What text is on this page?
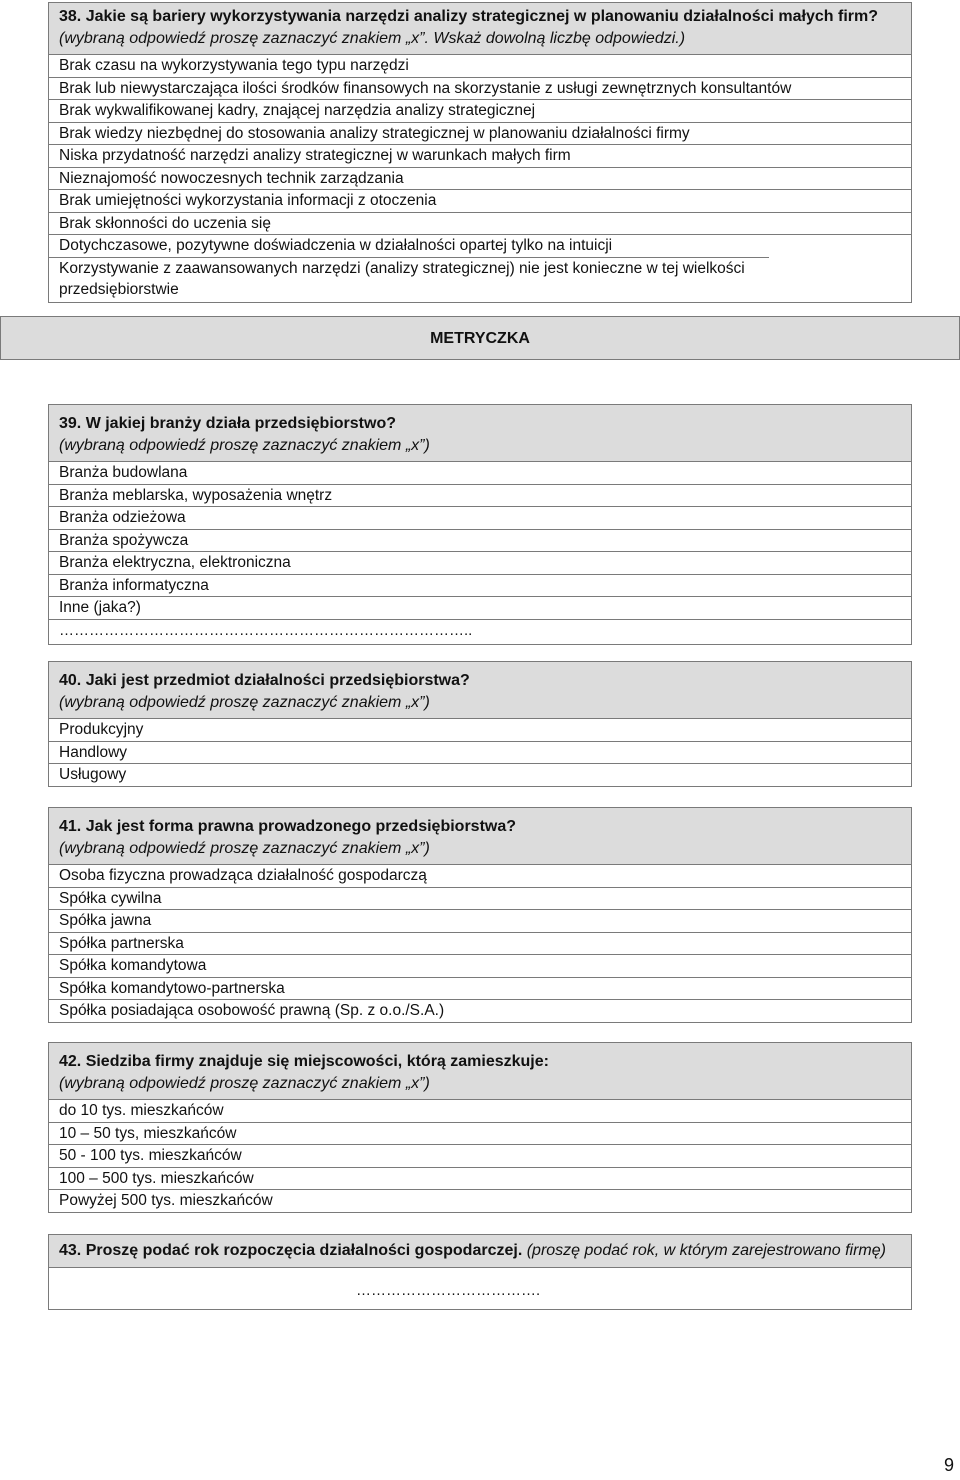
38. Jakie są bariery wykorzystywania narzędzi analizy strategicznej w planowaniu działalności małych firm?
(wybraną odpowiedź proszę zaznaczyć znakiem „x”. Wskaż dowolną liczbę odpowiedzi.)
Brak czasu na wykorzystywania tego typu narzędzi
Brak lub niewystarczająca ilości środków finansowych na skorzystanie z usługi zewnętrznych konsultantów
Brak wykwalifikowanej kadry, znającej narzędzia analizy strategicznej
Brak wiedzy niezbędnej do stosowania analizy strategicznej w planowaniu działalności firmy
Niska przydatność narzędzi analizy strategicznej w warunkach małych firm
Nieznajomość nowoczesnych technik zarządzania
Brak umiejętności wykorzystania informacji z otoczenia
Brak skłonności do uczenia się
Dotychczasowe, pozytywne doświadczenia w działalności opartej tylko na intuicji
Korzystywanie z zaawansowanych narzędzi (analizy strategicznej) nie jest konieczne w tej wielkości przedsiębiorstwie
METRYCZKA
39. W jakiej branży działa przedsiębiorstwo?
(wybraną odpowiedź proszę zaznaczyć znakiem „x”)
Branża budowlana
Branża meblarska, wyposażenia wnętrz
Branża odzieżowa
Branża spożywcza
Branża elektryczna, elektroniczna
Branża informatyczna
Inne (jaka?)
………………………………………………………………………..
40. Jaki jest przedmiot działalności przedsiębiorstwa?
(wybraną odpowiedź proszę zaznaczyć znakiem „x”)
Produkcyjny
Handlowy
Usługowy
41. Jak jest forma prawna prowadzonego przedsiębiorstwa?
(wybraną odpowiedź proszę zaznaczyć znakiem „x”)
Osoba fizyczna prowadząca działalność gospodarczą
Spółka cywilna
Spółka jawna
Spółka partnerska
Spółka komandytowa
Spółka komandytowo-partnerska
Spółka posiadająca osobowość prawną (Sp. z o.o./S.A.)
42. Siedziba firmy znajduje się miejscowości, którą zamieszkuje:
(wybraną odpowiedź proszę zaznaczyć znakiem „x”)
do 10 tys. mieszkańców
10 – 50 tys, mieszkańców
50 - 100 tys. mieszkańców
100 – 500 tys. mieszkańców
Powyżej 500 tys. mieszkańców
43. Proszę podać rok rozpoczęcia działalności gospodarczej. (proszę podać rok, w którym zarejestrowano firmę)
……………………………….
9
